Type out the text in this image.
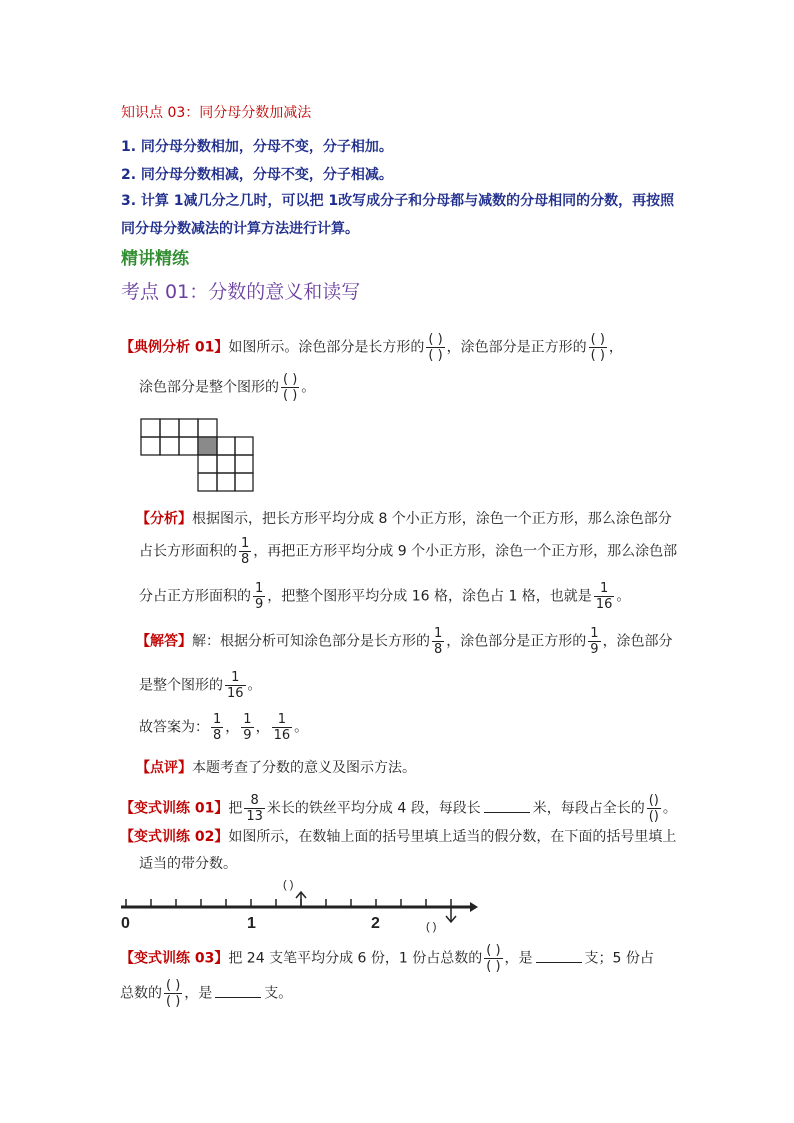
知识点 03：同分母分数加减法
1. 同分母分数相加，分母不变，分子相加。
2. 同分母分数相减，分母不变，分子相减。
3. 计算 1减几分之几时，可以把 1改写成分子和分母都与减数的分母相同的分数，再按照
同分母分数减法的计算方法进行计算。
精讲精练
考点 01：分数的意义和读写
【典例分析 01】如图所示。涂色部分是长方形的 $\frac{( )}{( )}$ ，涂色部分是正方形的 $\frac{( )}{( )}$ ，
涂色部分是整个图形的 $\frac{( )}{( )}$ 。
【分析】根据图示，把长方形平均分成 8 个小正方形，涂色一个正方形，那么涂色部分
占长方形面积的 $\frac{1}{8}$ ，再把正方形平均分成 9 个小正方形，涂色一个正方形，那么涂色部
分占正方形面积的 $\frac{1}{9}$ ，把整个图形平均分成 16 格，涂色占 1 格，也就是 $\frac{1}{16}$ 。
【解答】解：根据分析可知涂色部分是长方形的 $\frac{1}{8}$ ，涂色部分是正方形的 $\frac{1}{9}$ ，涂色部分
是整个图形的 $\frac{1}{16}$ 。
故答案为： $\frac{1}{8}$ ， $\frac{1}{9}$ ， $\frac{1}{16}$ 。
【点评】本题考查了分数的意义及图示方法。
【变式训练 01】把 $\frac{8}{13}$ 米长的铁丝平均分成 4 段，每段长	米，每段占全长的 $\frac{()}{()}$ 。
【变式训练 02】如图所示，在数轴上面的括号里填上适当的假分数，在下面的括号里填上
适当的带分数。
0	1	2
( )
( )
【变式训练 03】把 24 支笔平均分成 6 份，1 份占总数的 $\frac{( )}{( )}$ ，是	支；5 份占
总数的 $\frac{( )}{( )}$ ，是	支。
